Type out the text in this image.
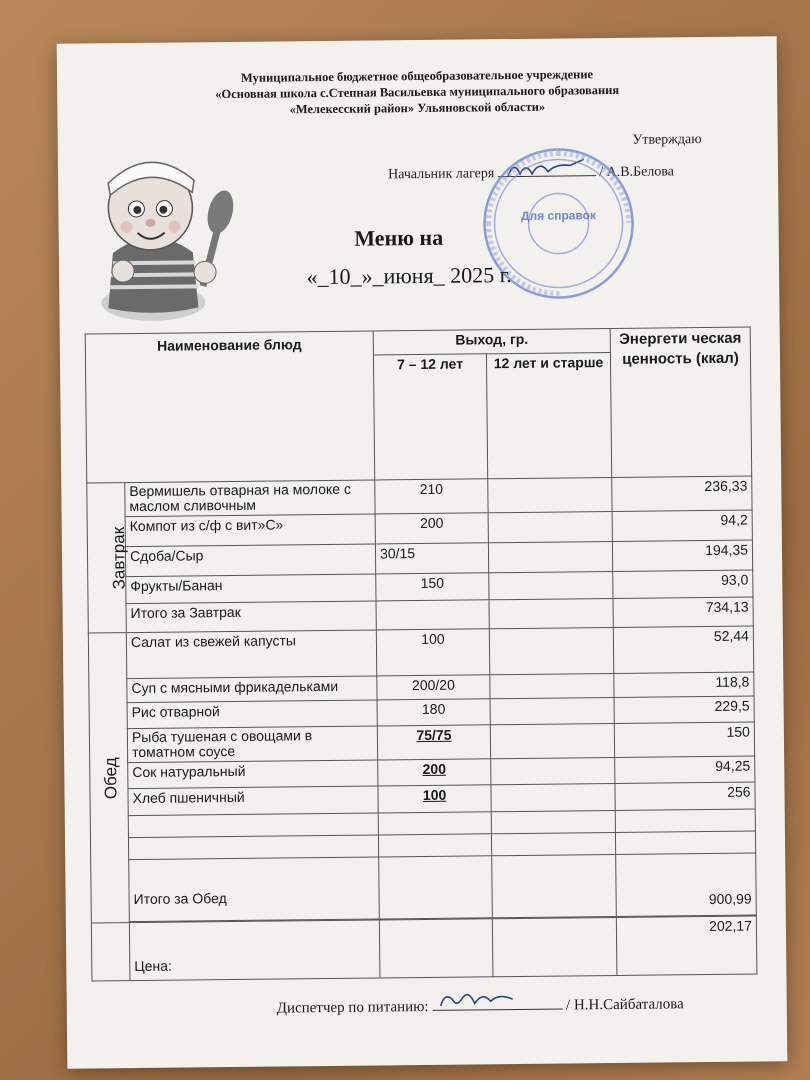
Муниципальное бюджетное общеобразовательное учреждение
«Основная школа с.Степная Васильевка муниципального образования
«Мелекесский район» Ульяновской области»
Утверждаю
Начальник лагеря	/ А.В.Белова
Для справок
Меню на
«_10_»_июня_ 2025 г.
Наименование блюд		Выход, гр.		Энергети ческая ценность (ккал)
		7 – 12 лет	12 лет и старше	
Завтрак	Вермишель отварная на молоке с маслом сливочным	210		236,33
	Компот из с/ф с вит»С»	200		94,2
	Сдоба/Сыр	30/15		194,35
	Фрукты/Банан	150		93,0
	Итого за Завтрак			734,13
Обед	Салат из свежей капусты	100		52,44
	Суп с мясными фрикадельками	200/20		118,8
	Рис отварной	180		229,5
	Рыба тушеная с овощами в томатном соусе	75/75		150
	Сок натуральный	200		94,25
	Хлеб пшеничный	100		256

	Итого за Обед			900,99

	Цена:			202,17
Диспетчер по питанию:	/ Н.Н.Сайбаталова
